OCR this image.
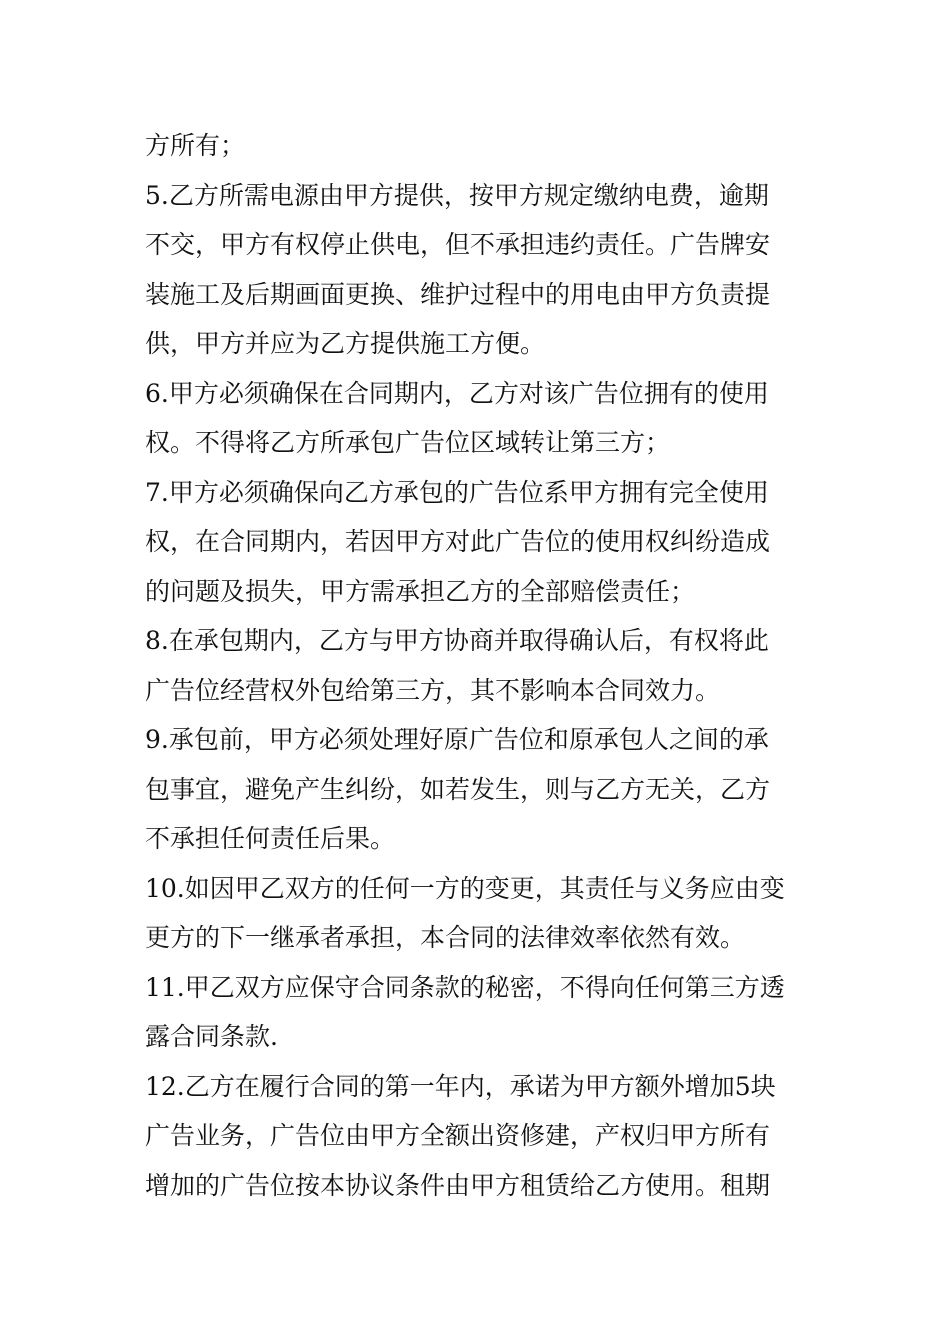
方所有；
5.乙方所需电源由甲方提供，按甲方规定缴纳电费，逾期
不交，甲方有权停止供电，但不承担违约责任。广告牌安
装施工及后期画面更换、维护过程中的用电由甲方负责提
供，甲方并应为乙方提供施工方便。
6.甲方必须确保在合同期内，乙方对该广告位拥有的使用
权。不得将乙方所承包广告位区域转让第三方；
7.甲方必须确保向乙方承包的广告位系甲方拥有完全使用
权，在合同期内，若因甲方对此广告位的使用权纠纷造成
的问题及损失，甲方需承担乙方的全部赔偿责任；
8.在承包期内，乙方与甲方协商并取得确认后，有权将此
广告位经营权外包给第三方，其不影响本合同效力。
9.承包前，甲方必须处理好原广告位和原承包人之间的承
包事宜，避免产生纠纷，如若发生，则与乙方无关，乙方
不承担任何责任后果。
10.如因甲乙双方的任何一方的变更，其责任与义务应由变
更方的下一继承者承担，本合同的法律效率依然有效。
11.甲乙双方应保守合同条款的秘密，不得向任何第三方透
露合同条款.
12.乙方在履行合同的第一年内，承诺为甲方额外增加5块
广告业务，广告位由甲方全额出资修建，产权归甲方所有
增加的广告位按本协议条件由甲方租赁给乙方使用。租期
